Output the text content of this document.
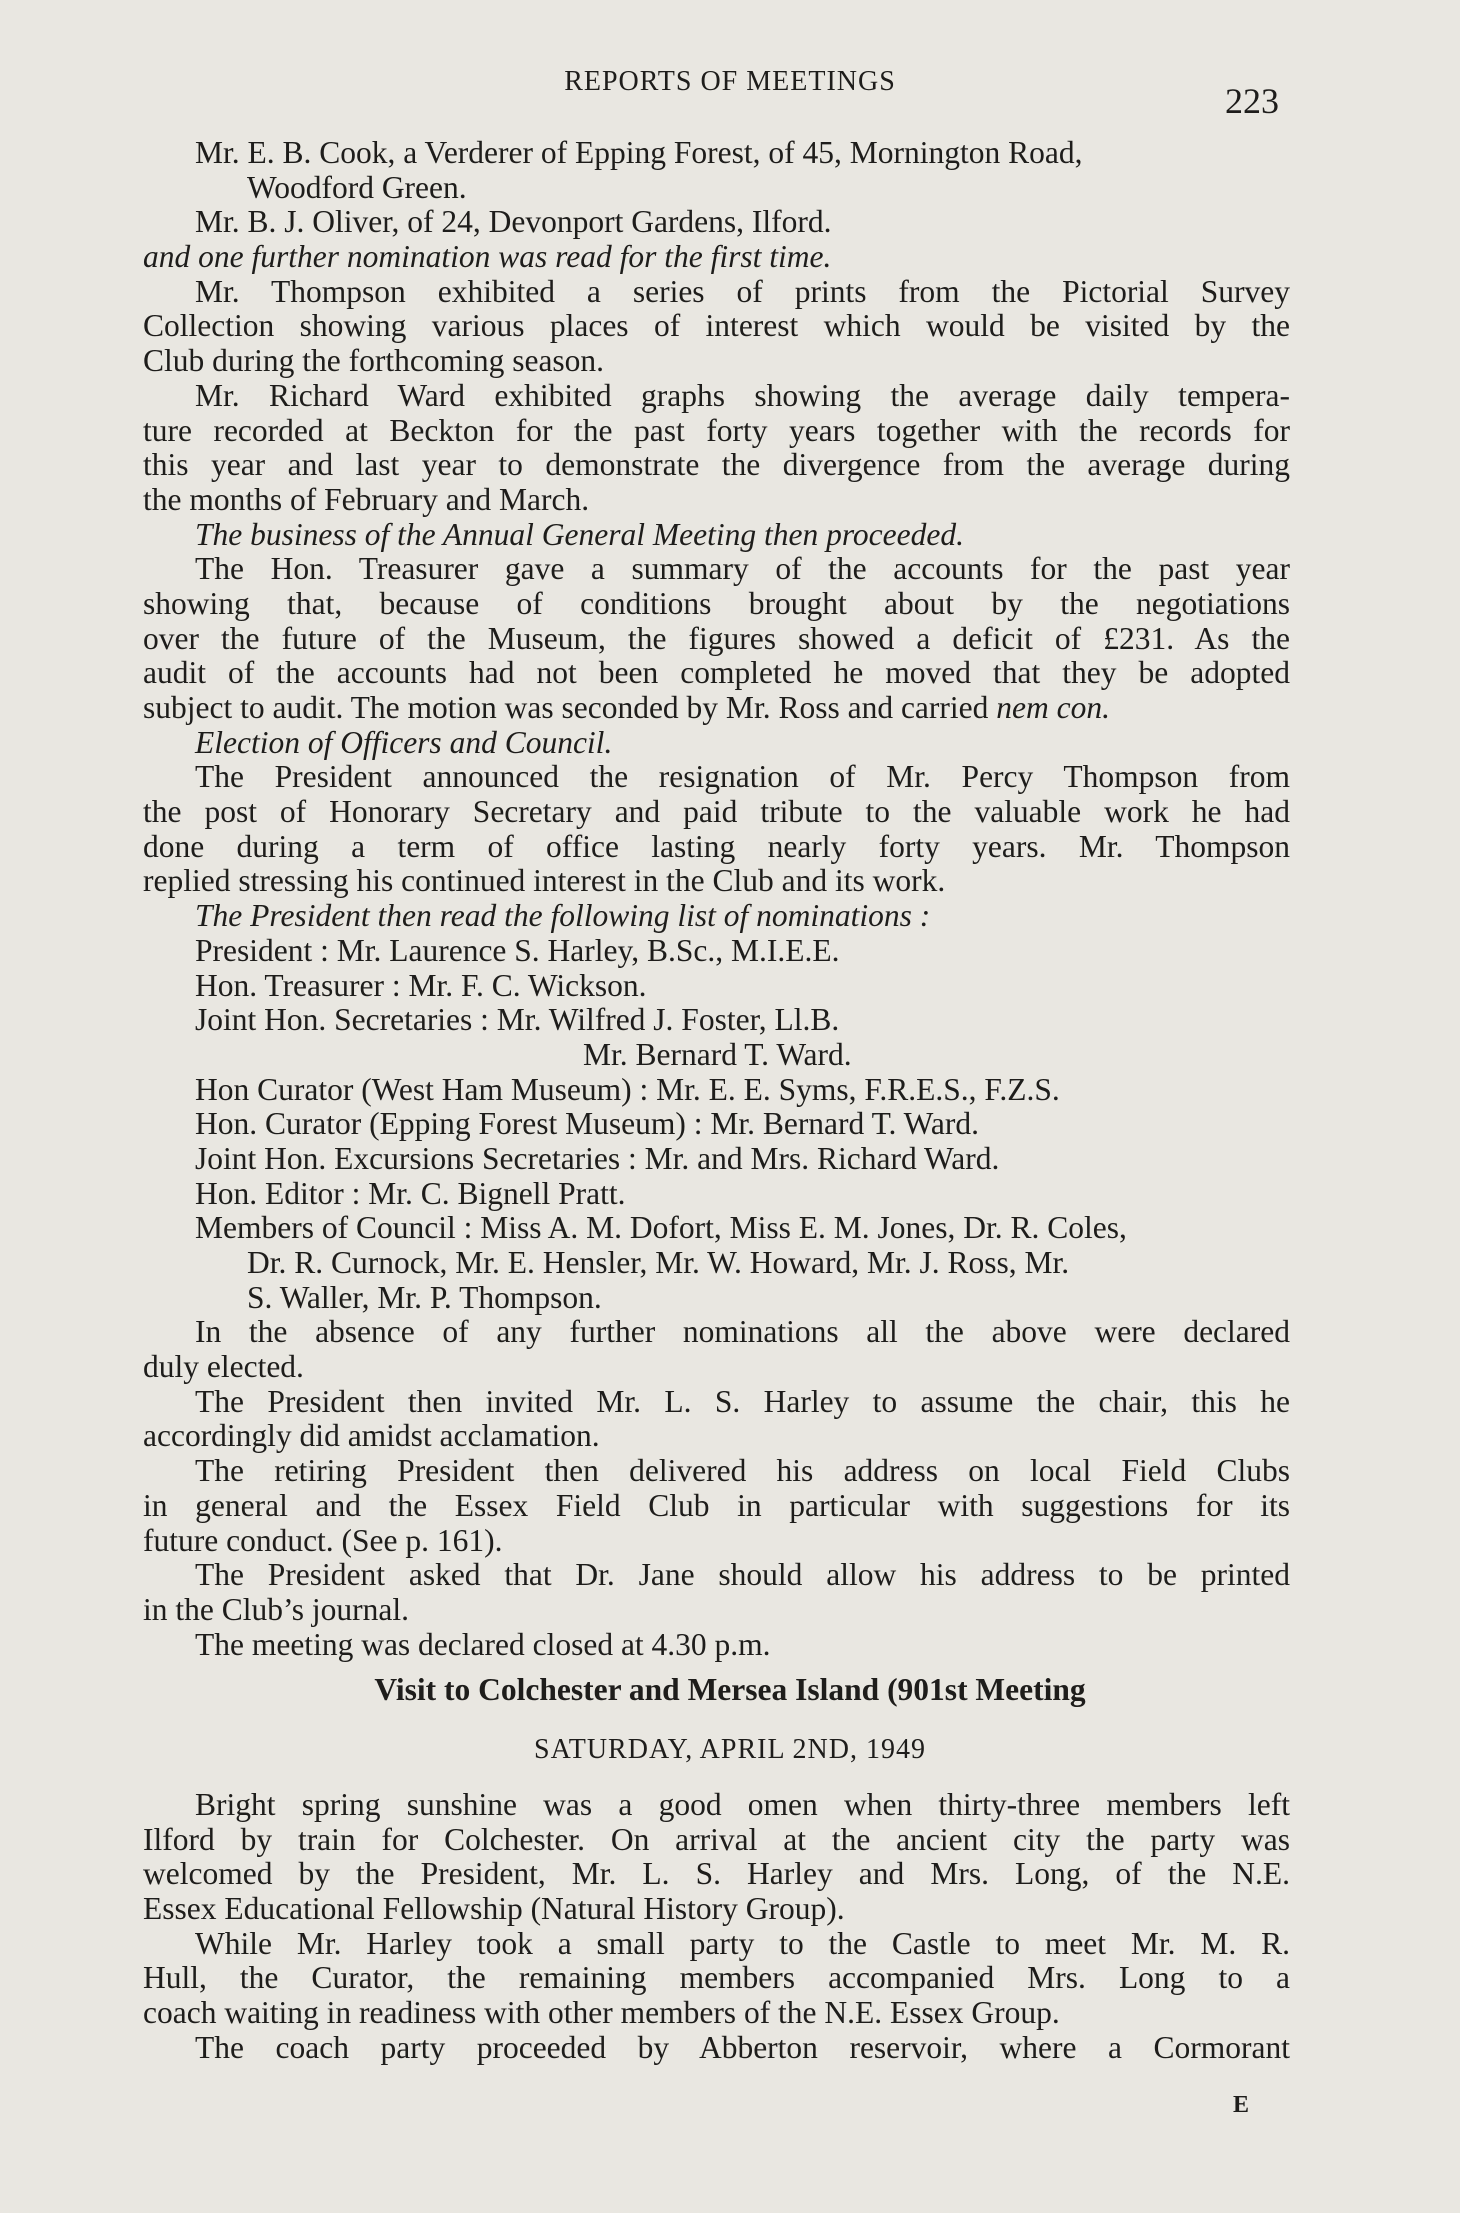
REPORTS OF MEETINGS	223
Mr. E. B. Cook, a Verderer of Epping Forest, of 45, Mornington Road,
Woodford Green.
Mr. B. J. Oliver, of 24, Devonport Gardens, Ilford.
and one further nomination was read for the first time.
Mr. Thompson exhibited a series of prints from the Pictorial Survey
Collection showing various places of interest which would be visited by the
Club during the forthcoming season.
Mr. Richard Ward exhibited graphs showing the average daily tempera-
ture recorded at Beckton for the past forty years together with the records for
this year and last year to demonstrate the divergence from the average during
the months of February and March.
The business of the Annual General Meeting then proceeded.
The Hon. Treasurer gave a summary of the accounts for the past year
showing that, because of conditions brought about by the negotiations
over the future of the Museum, the figures showed a deficit of £231. As the
audit of the accounts had not been completed he moved that they be adopted
subject to audit. The motion was seconded by Mr. Ross and carried nem con.
Election of Officers and Council.
The President announced the resignation of Mr. Percy Thompson from
the post of Honorary Secretary and paid tribute to the valuable work he had
done during a term of office lasting nearly forty years. Mr. Thompson
replied stressing his continued interest in the Club and its work.
The President then read the following list of nominations :
President : Mr. Laurence S. Harley, B.Sc., M.I.E.E.
Hon. Treasurer : Mr. F. C. Wickson.
Joint Hon. Secretaries : Mr. Wilfred J. Foster, Ll.B.
Mr. Bernard T. Ward.
Hon Curator (West Ham Museum) : Mr. E. E. Syms, F.R.E.S., F.Z.S.
Hon. Curator (Epping Forest Museum) : Mr. Bernard T. Ward.
Joint Hon. Excursions Secretaries : Mr. and Mrs. Richard Ward.
Hon. Editor : Mr. C. Bignell Pratt.
Members of Council : Miss A. M. Dofort, Miss E. M. Jones, Dr. R. Coles,
Dr. R. Curnock, Mr. E. Hensler, Mr. W. Howard, Mr. J. Ross, Mr.
S. Waller, Mr. P. Thompson.
In the absence of any further nominations all the above were declared
duly elected.
The President then invited Mr. L. S. Harley to assume the chair, this he
accordingly did amidst acclamation.
The retiring President then delivered his address on local Field Clubs
in general and the Essex Field Club in particular with suggestions for its
future conduct. (See p. 161).
The President asked that Dr. Jane should allow his address to be printed
in the Club’s journal.
The meeting was declared closed at 4.30 p.m.
Visit to Colchester and Mersea Island (901st Meeting
SATURDAY, APRIL 2ND, 1949
Bright spring sunshine was a good omen when thirty-three members left
Ilford by train for Colchester. On arrival at the ancient city the party was
welcomed by the President, Mr. L. S. Harley and Mrs. Long, of the N.E.
Essex Educational Fellowship (Natural History Group).
While Mr. Harley took a small party to the Castle to meet Mr. M. R.
Hull, the Curator, the remaining members accompanied Mrs. Long to a
coach waiting in readiness with other members of the N.E. Essex Group.
The coach party proceeded by Abberton reservoir, where a Cormorant
E
